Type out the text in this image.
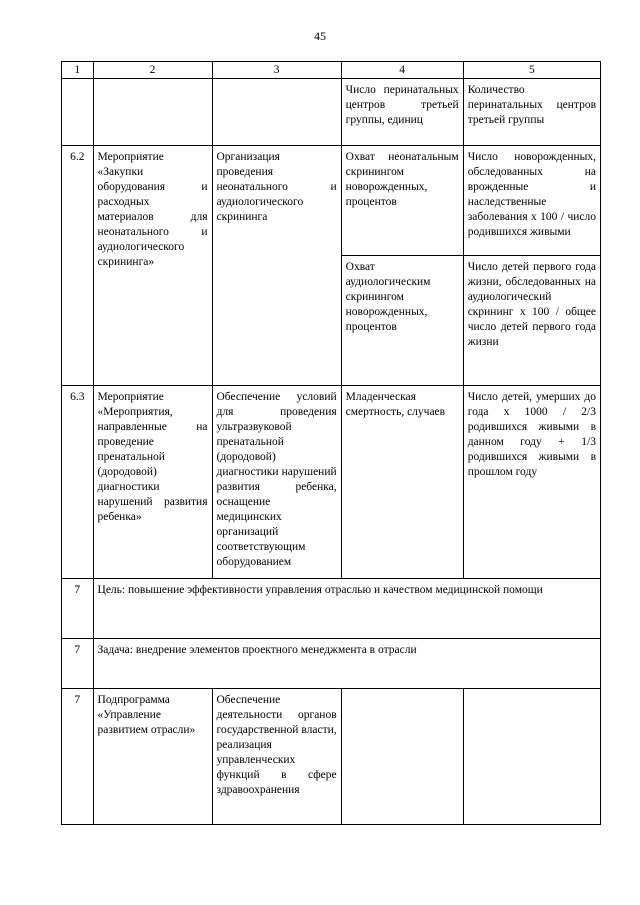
45
1	2	3	4	5
			Число перинатальных центров третьей группы, единиц	Количество перинатальных центров третьей группы
6.2	Мероприятие «Закупки оборудования и расходных материалов для неонатального и аудиологического скрининга»	Организация проведения неонатального и аудиологического скрининга	Охват неонатальным скринингом новорожденных, процентов	Число новорожденных, обследованных на врожденные и наследственные заболевания x 100 / число родившихся живыми
			Охват аудиологическим скринингом новорожденных, процентов	Число детей первого года жизни, обследованных на аудиологический скрининг x 100 / общее число детей первого года жизни
6.3	Мероприятие «Мероприятия, направленные на проведение пренатальной (дородовой) диагностики нарушений развития ребенка»	Обеспечение условий для проведения ультразвуковой пренатальной (дородовой) диагностики нарушений развития ребенка, оснащение медицинских организаций соответствующим оборудованием	Младенческая смертность, случаев	Число детей, умерших до года x 1000 / 2/3 родившихся живыми в данном году + 1/3 родившихся живыми в прошлом году
7	Цель: повышение эффективности управления отраслью и качеством медицинской помощи			
7	Задача: внедрение элементов проектного менеджмента в отрасли			
7	Подпрограмма «Управление развитием отрасли»	Обеспечение деятельности органов государственной власти, реализация управленческих функций в сфере здравоохранения		
